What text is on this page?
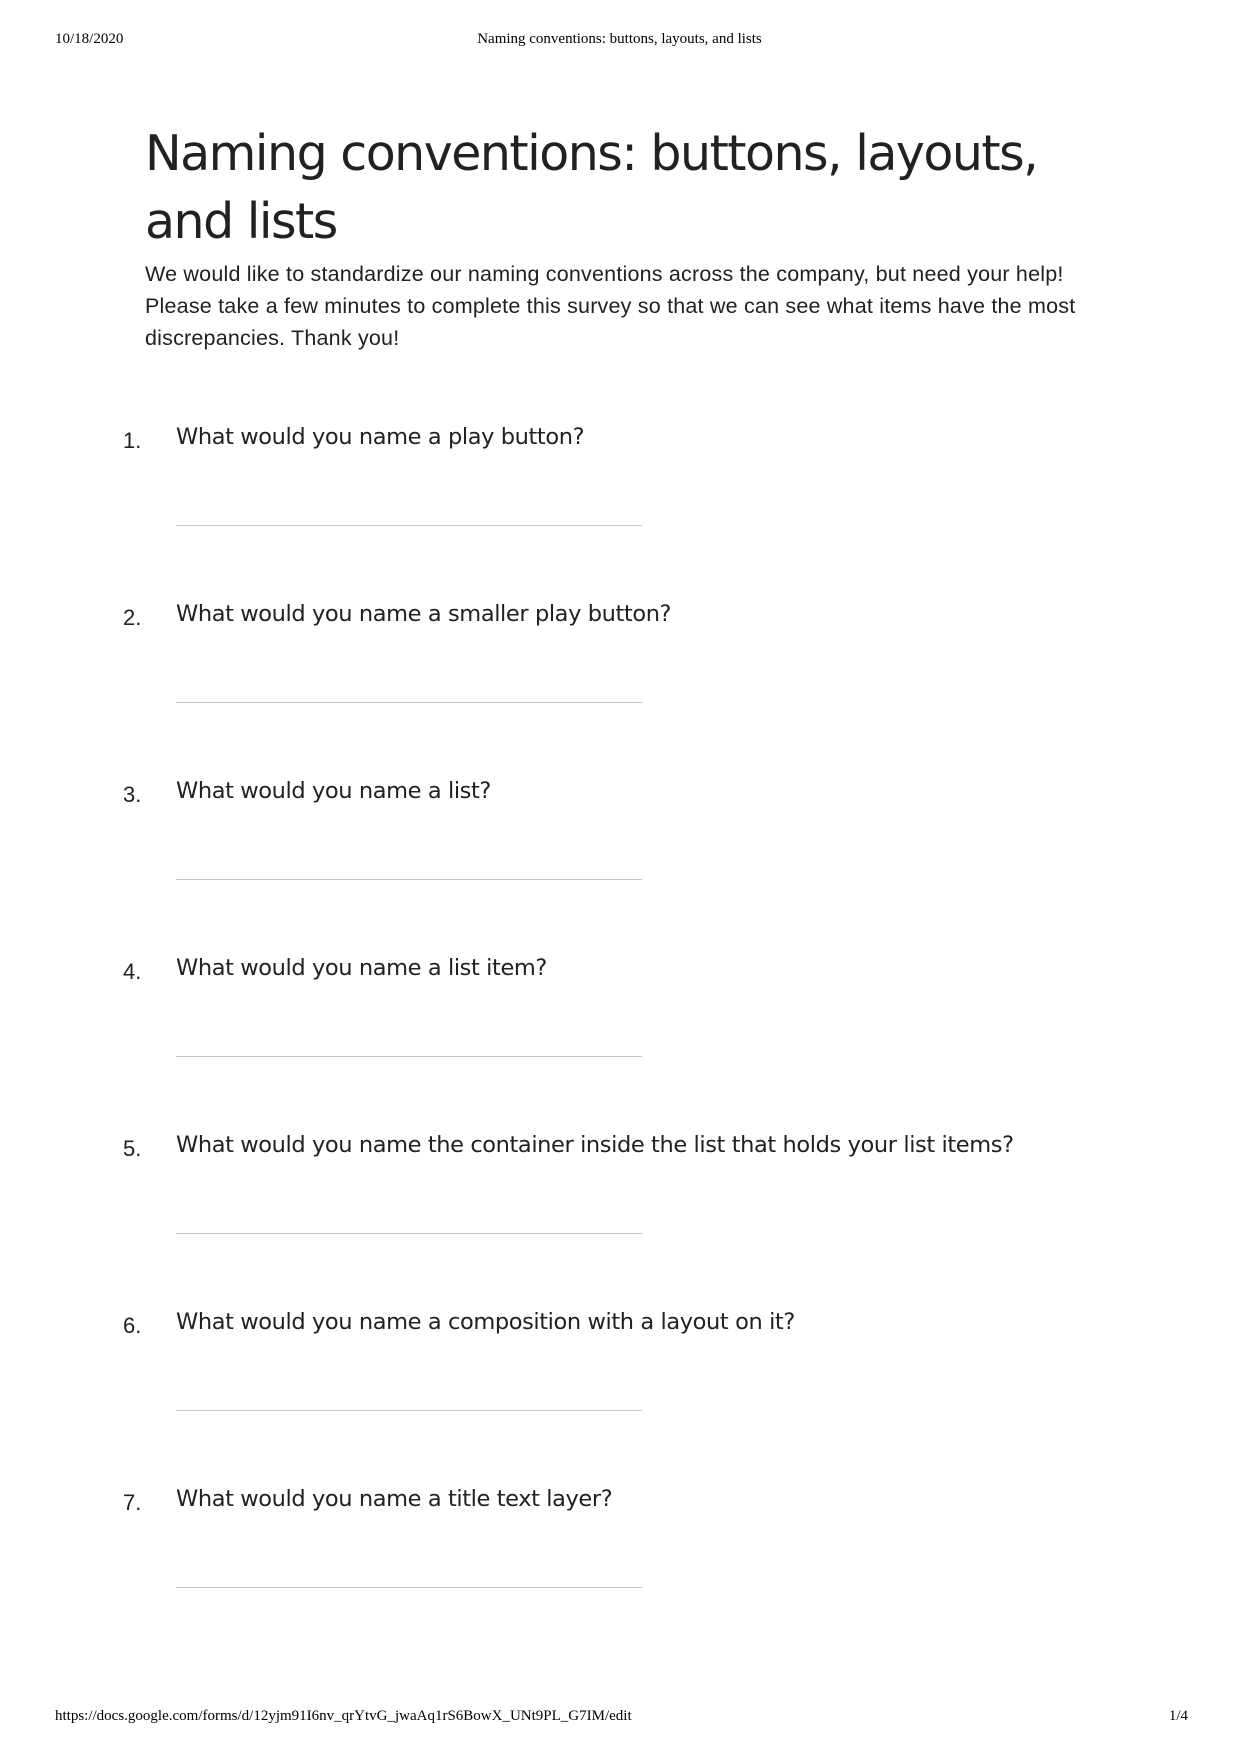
10/18/2020	Naming conventions: buttons, layouts, and lists
Naming conventions: buttons, layouts, and lists

We would like to standardize our naming conventions across the company, but need your help! Please take a few minutes to complete this survey so that we can see what items have the most discrepancies. Thank you!

1. What would you name a play button?
2. What would you name a smaller play button?
3. What would you name a list?
4. What would you name a list item?
5. What would you name the container inside the list that holds your list items?
6. What would you name a composition with a layout on it?
7. What would you name a title text layer?
https://docs.google.com/forms/d/12yjm91I6nv_qrYtvG_jwaAq1rS6BowX_UNt9PL_G7IM/edit	1/4
